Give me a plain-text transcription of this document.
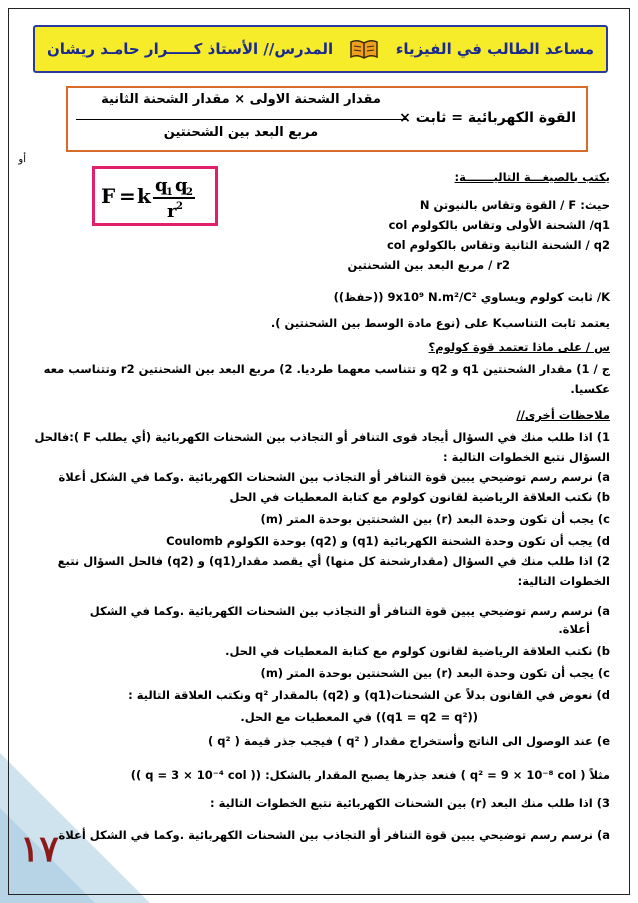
مساعد الطالب في الفيزياء
المدرس// الأستاذ كـــــرار حامـد ريشان
القوة الكهربائية = ثابت ×
مقدار الشحنة الاولى × مقدار الشحنة الثانية
مربع البعد بين الشحنتين
أو
F = k q
1 q
2
r 2
يكتب بالصيغـــة التاليـــــــة:
حيث: F / القوة وتقاس بالنيوتن N
q1/ الشحنة الأولى وتقاس بالكولوم col
q2 / الشحنة الثانية وتقاس بالكولوم col
r2 / مربع البعد بين الشحنتين
K/ ثابت كولوم ويساوي 9x10⁹ N.m²/C² ((حفظ))
يعتمد ثابت التناسبK على (نوع مادة الوسط بين الشحنتين ).
س / على ماذا تعتمد قوة كولوم؟
ج / 1) مقدار الشحنتين q1 و q2 و تتناسب معهما طرديا. 2) مربع البعد بين الشحنتين r2 وتتناسب معه
عكسيا.
ملاحظات أخرى//
1) اذا طلب منك في السؤال أيجاد قوى التنافر أو التجاذب بين الشحنات الكهربائية (أي يطلب F ):فالحل
السؤال نتبع الخطوات التالية :
a) نرسم رسم توضيحي يبين قوة التنافر أو التجاذب بين الشحنات الكهربائية .وكما في الشكل أعلاة
b) نكتب العلاقة الرياضية لقانون كولوم مع كتابة المعطيات في الحل
c) يجب أن تكون وحدة البعد (r) بين الشحنتين بوحدة المتر (m)
d) يجب أن تكون وحدة الشحنة الكهربائية (q1) و (q2) بوحدة الكولوم Coulomb
2) اذا طلب منك في السؤال (مقدارشحنة كل منها) أي يقصد مقدار(q1) و (q2) فالحل السؤال نتبع
الخطوات التالية:
a) نرسم رسم توضيحي يبين قوة التنافر أو التجاذب بين الشحنات الكهربائية .وكما في الشكل
أعلاة.
b) نكتب العلاقة الرياضية لقانون كولوم مع كتابة المعطيات في الحل.
c) يجب أن تكون وحدة البعد (r) بين الشحنتين بوحدة المتر (m)
d) نعوض في القانون بدلاً عن الشحنات(q1) و (q2) بالمقدار q² ونكتب العلاقة التالية :
((q1 = q2 = q²)) في المعطيات مع الحل.
e) عند الوصول الى الناتج وأستخراج مقدار ( q² ) فيجب جذر قيمة ( q² )
مثلاً ( q² = 9 × 10⁻⁸ col ) فنعد جذرها يصبح المقدار بالشكل: (( q = 3 × 10⁻⁴ col ))
3) اذا طلب منك البعد (r) بين الشحنات الكهربائية نتبع الخطوات التالية :
a) نرسم رسم توضيحي يبين قوة التنافر أو التجاذب بين الشحنات الكهربائية .وكما في الشكل أعلاة
١٧
